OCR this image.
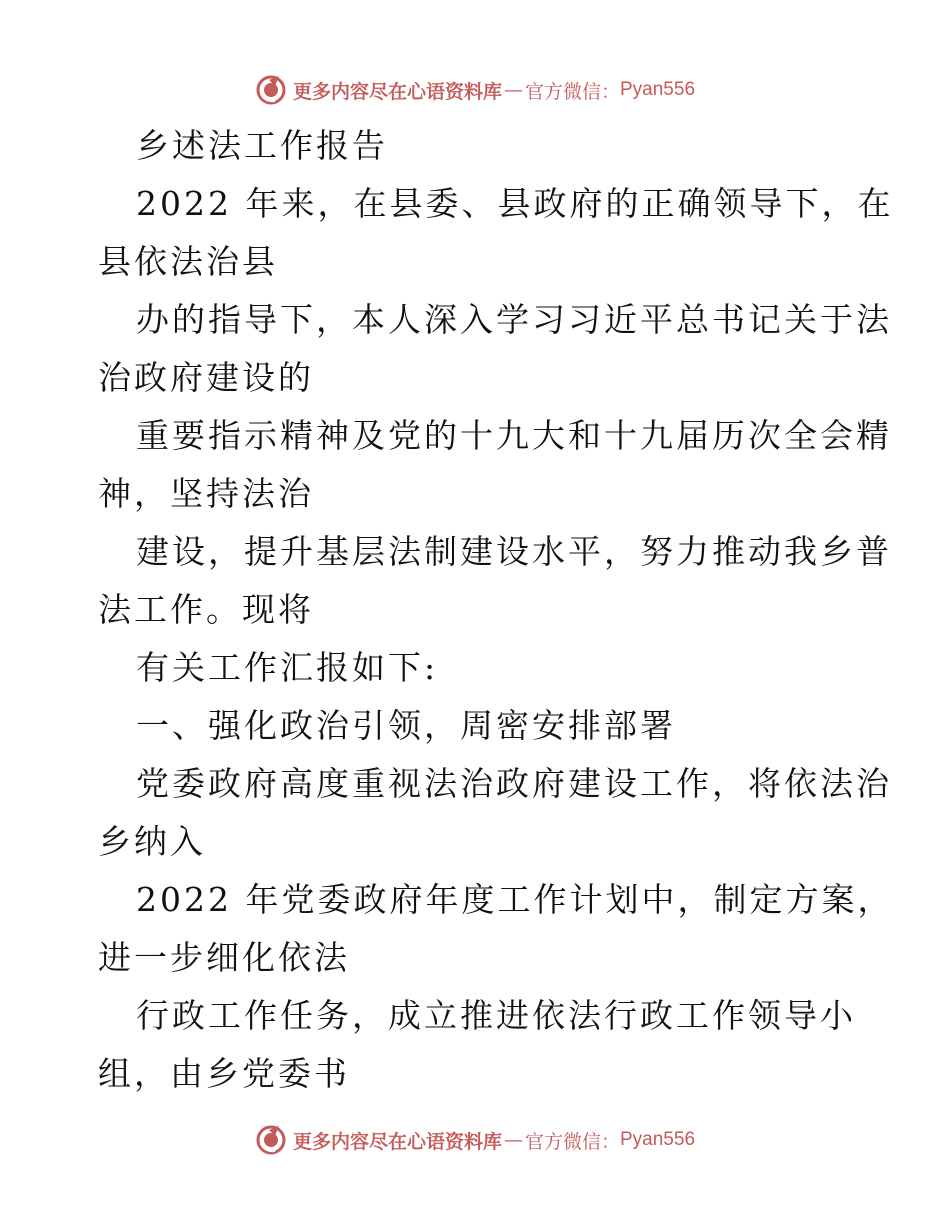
更多内容尽在心语资料库 — 官方微信： Pyan556
乡述法工作报告
2022 年来，在县委、县政府的正确领导下，在
县依法治县
办的指导下，本人深入学习习近平总书记关于法
治政府建设的
重要指示精神及党的十九大和十九届历次全会精
神，坚持法治
建设，提升基层法制建设水平，努力推动我乡普
法工作。现将
有关工作汇报如下:
一、强化政治引领，周密安排部署
党委政府高度重视法治政府建设工作，将依法治
乡纳入
2022 年党委政府年度工作计划中，制定方案，
进一步细化依法
行政工作任务，成立推进依法行政工作领导小
组，由乡党委书
更多内容尽在心语资料库 — 官方微信： Pyan556
